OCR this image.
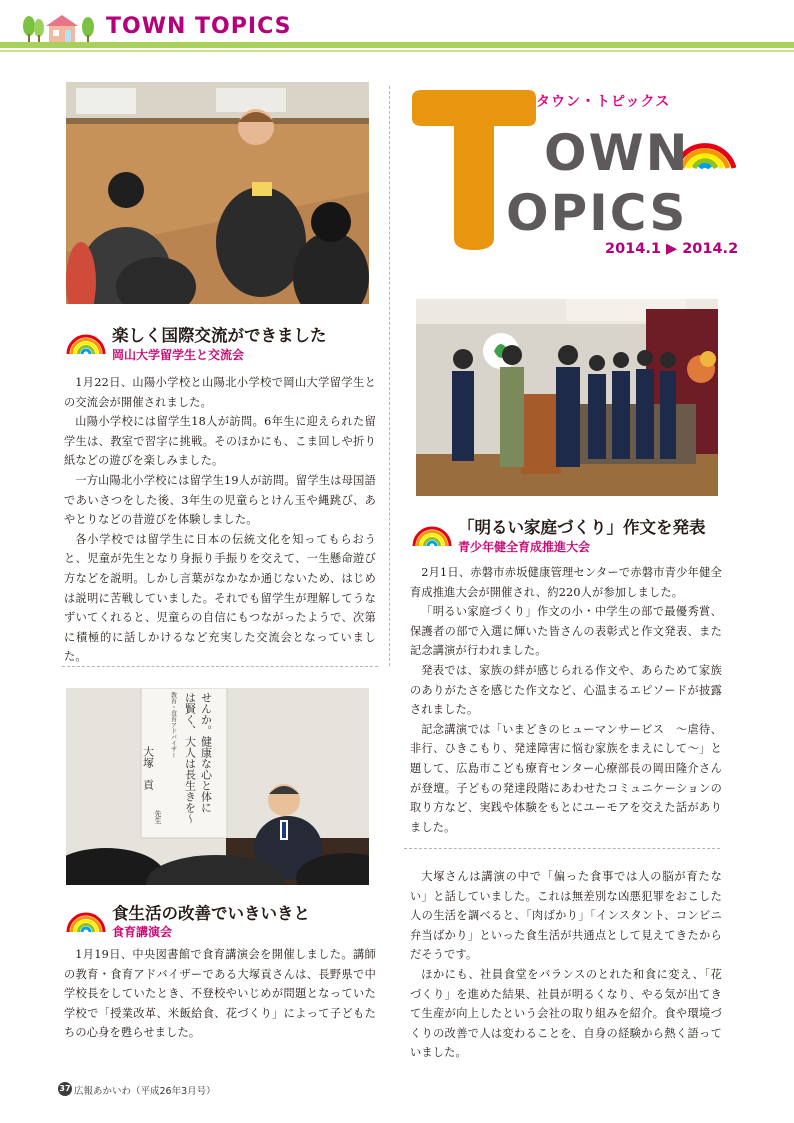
TOWN TOPICS
楽しく国際交流ができました
岡山大学留学生と交流会

1月22日、山陽小学校と山陽北小学校で岡山大学留学生との交流会が開催されました。

山陽小学校には留学生18人が訪問。6年生に迎えられた留学生は、教室で習字に挑戦。そのほかにも、こま回しや折り紙などの遊びを楽しみました。

一方山陽北小学校には留学生19人が訪問。留学生は母国語であいさつをした後、3年生の児童らとけん玉や縄跳び、あやとりなどの昔遊びを体験しました。

各小学校では留学生に日本の伝統文化を知ってもらおうと、児童が先生となり身振り手振りを交えて、一生懸命遊び方などを説明。しかし言葉がなかなか通じないため、はじめは説明に苦戦していました。それでも留学生が理解してうなずいてくれると、児童らの自信にもつながったようで、次第に積極的に話しかけるなど充実した交流会となっていました。

OWN
OPICS
タウン・トピックス
2014.1 ▶ 2014.2
「明るい家庭づくり」作文を発表
青少年健全育成推進大会

2月1日、赤磐市赤坂健康管理センターで赤磐市青少年健全育成推進大会が開催され、約220人が参加しました。

「明るい家庭づくり」作文の小・中学生の部で最優秀賞、保護者の部で入選に輝いた皆さんの表彰式と作文発表、また記念講演が行われました。

発表では、家族の絆が感じられる作文や、あらためて家族のありがたさを感じた作文など、心温まるエピソードが披露されました。

記念講演では「いまどきのヒューマンサービス　～虐待、非行、ひきこもり、発達障害に悩む家族をまえにして～」と題して、広島市こども療育センター心療部長の岡田隆介さんが登壇。子どもの発達段階にあわせたコミュニケーションの取り方など、実践や体験をもとにユーモアを交えた話がありました。

せんか。健康な心と体に
は賢く、大人は長生きを～
教育・食育アドバイザー
大塚　貢
先生
食生活の改善でいきいきと
食育講演会

1月19日、中央図書館で食育講演会を開催しました。講師の教育・食育アドバイザーである大塚貢さんは、長野県で中学校長をしていたとき、不登校やいじめが問題となっていた学校で「授業改革、米飯給食、花づくり」によって子どもたちの心身を甦らせました。

大塚さんは講演の中で「偏った食事では人の脳が育たない」と話していました。これは無差別な凶悪犯罪をおこした人の生活を調べると、「肉ばかり」「インスタント、コンビニ弁当ばかり」といった食生活が共通点として見えてきたからだそうです。

ほかにも、社員食堂をバランスのとれた和食に変え、「花づくり」を進めた結果、社員が明るくなり、やる気が出てきて生産が向上したという会社の取り組みを紹介。食や環境づくりの改善で人は変わることを、自身の経験から熱く語っていました。

37 広報あかいわ（平成26年3月号）
